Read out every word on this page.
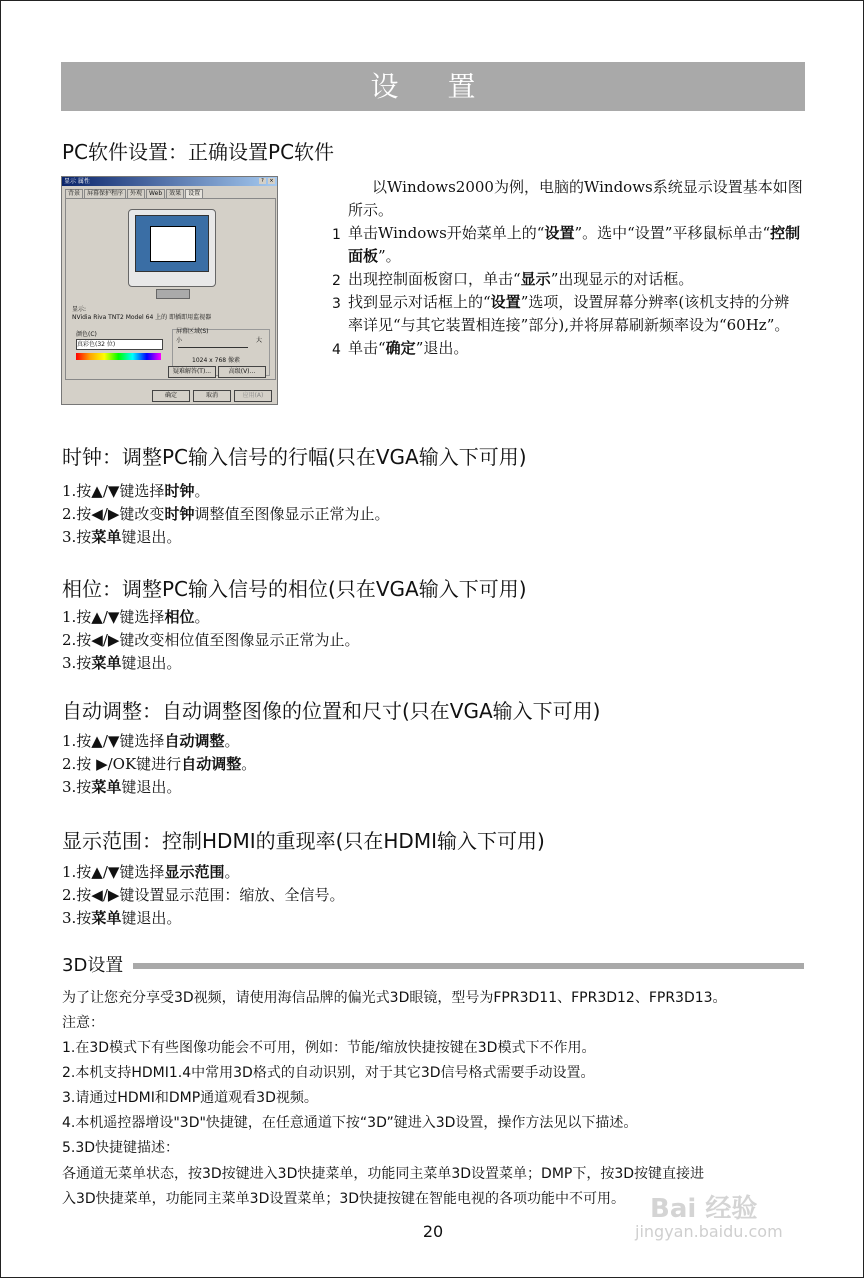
设 置
PC软件设置：正确设置PC软件
显示 属性	?	×
背景 屏幕保护程序 外观 Web 效果 设置
显示:
NVidia Riva TNT2 Model 64 上的 即插即用监视器
颜色(C)
真彩色(32 位)
屏幕区域(S)
小	大
1024 x 768 像素
疑难解答(T)...	高级(V)...
确定	取消	应用(A)

以Windows2000为例，电脑的Windows系统显示设置基本如图所示。

1 单击Windows开始菜单上的“设置”。选中“设置”平移鼠标单击“控制面板”。

2 出现控制面板窗口，单击“显示”出现显示的对话框。

3 找到显示对话框上的“设置”选项，设置屏幕分辨率(该机支持的分辨率详见“与其它装置相连接”部分),并将屏幕刷新频率设为“60Hz”。

4 单击“确定”退出。

时钟：调整PC输入信号的行幅(只在VGA输入下可用)
1.按▲/▼键选择时钟。
2.按◀/▶键改变时钟调整值至图像显示正常为止。
3.按菜单键退出。
相位：调整PC输入信号的相位(只在VGA输入下可用)
1.按▲/▼键选择相位。
2.按◀/▶键改变相位值至图像显示正常为止。
3.按菜单键退出。
自动调整：自动调整图像的位置和尺寸(只在VGA输入下可用)
1.按▲/▼键选择自动调整。
2.按 ▶/OK键进行自动调整。
3.按菜单键退出。
显示范围：控制HDMI的重现率(只在HDMI输入下可用)
1.按▲/▼键选择显示范围。
2.按◀/▶键设置显示范围：缩放、全信号。
3.按菜单键退出。
3D设置
为了让您充分享受3D视频，请使用海信品牌的偏光式3D眼镜，型号为FPR3D11、FPR3D12、FPR3D13。
注意：
1.在3D模式下有些图像功能会不可用，例如：节能/缩放快捷按键在3D模式下不作用。
2.本机支持HDMI1.4中常用3D格式的自动识别，对于其它3D信号格式需要手动设置。
3.请通过HDMI和DMP通道观看3D视频。
4.本机遥控器增设"3D"快捷键，在任意通道下按“3D”键进入3D设置，操作方法见以下描述。
5.3D快捷键描述：
各通道无菜单状态，按3D按键进入3D快捷菜单，功能同主菜单3D设置菜单；DMP下，按3D按键直接进
入3D快捷菜单，功能同主菜单3D设置菜单；3D快捷按键在智能电视的各项功能中不可用。 Bai 经验
jingyan.baidu.com
20
